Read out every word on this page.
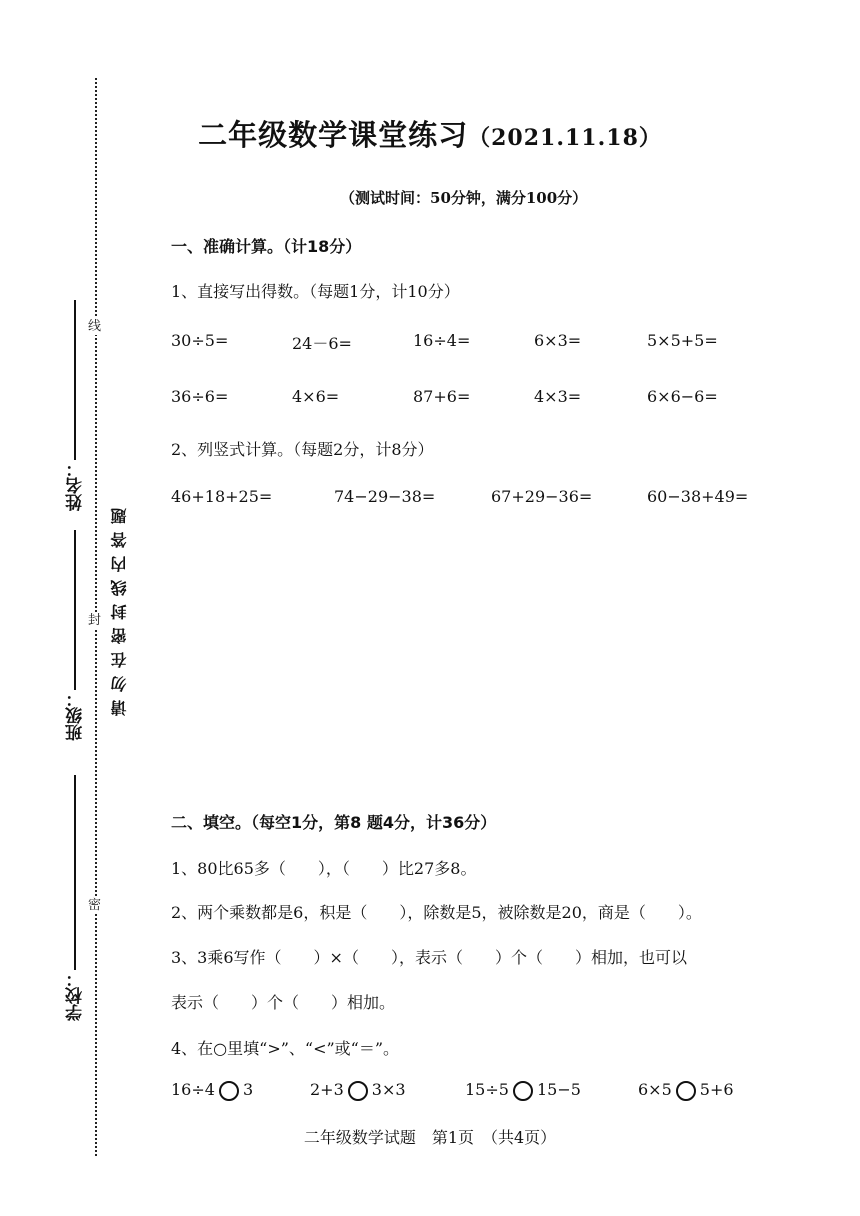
线
封
密
姓名：
班级：
学校：
请勿在密封线内答题
二年级数学课堂练习（2021.11.18）
（测试时间：50分钟，满分100分）
一、准确计算。（计18分）
1、直接写出得数。（每题1分，计10分）
30÷5=	24－6=	16÷4=	6×3=	5×5+5=
36÷6=	4×6=	87+6=	4×3=	6×6−6=
2、列竖式计算。（每题2分，计8分）
46+18+25=	74−29−38=	67+29−36=	60−38+49=
二、填空。（每空1分，第8 题4分，计36分）
1、80比65多（　　），（　　）比27多8。
2、两个乘数都是6，积是（　　），除数是5，被除数是20，商是（　　）。
3、3乘6写作（　　）×（　　），表示（　　）个（　　）相加，也可以
表示（　　）个（　　）相加。
4、在○里填“>”、“<”或“＝”。
16÷4 3	2+3 3×3	15÷5 15−5	6×5 5+6
二年级数学试题　第1页　（共4页）
